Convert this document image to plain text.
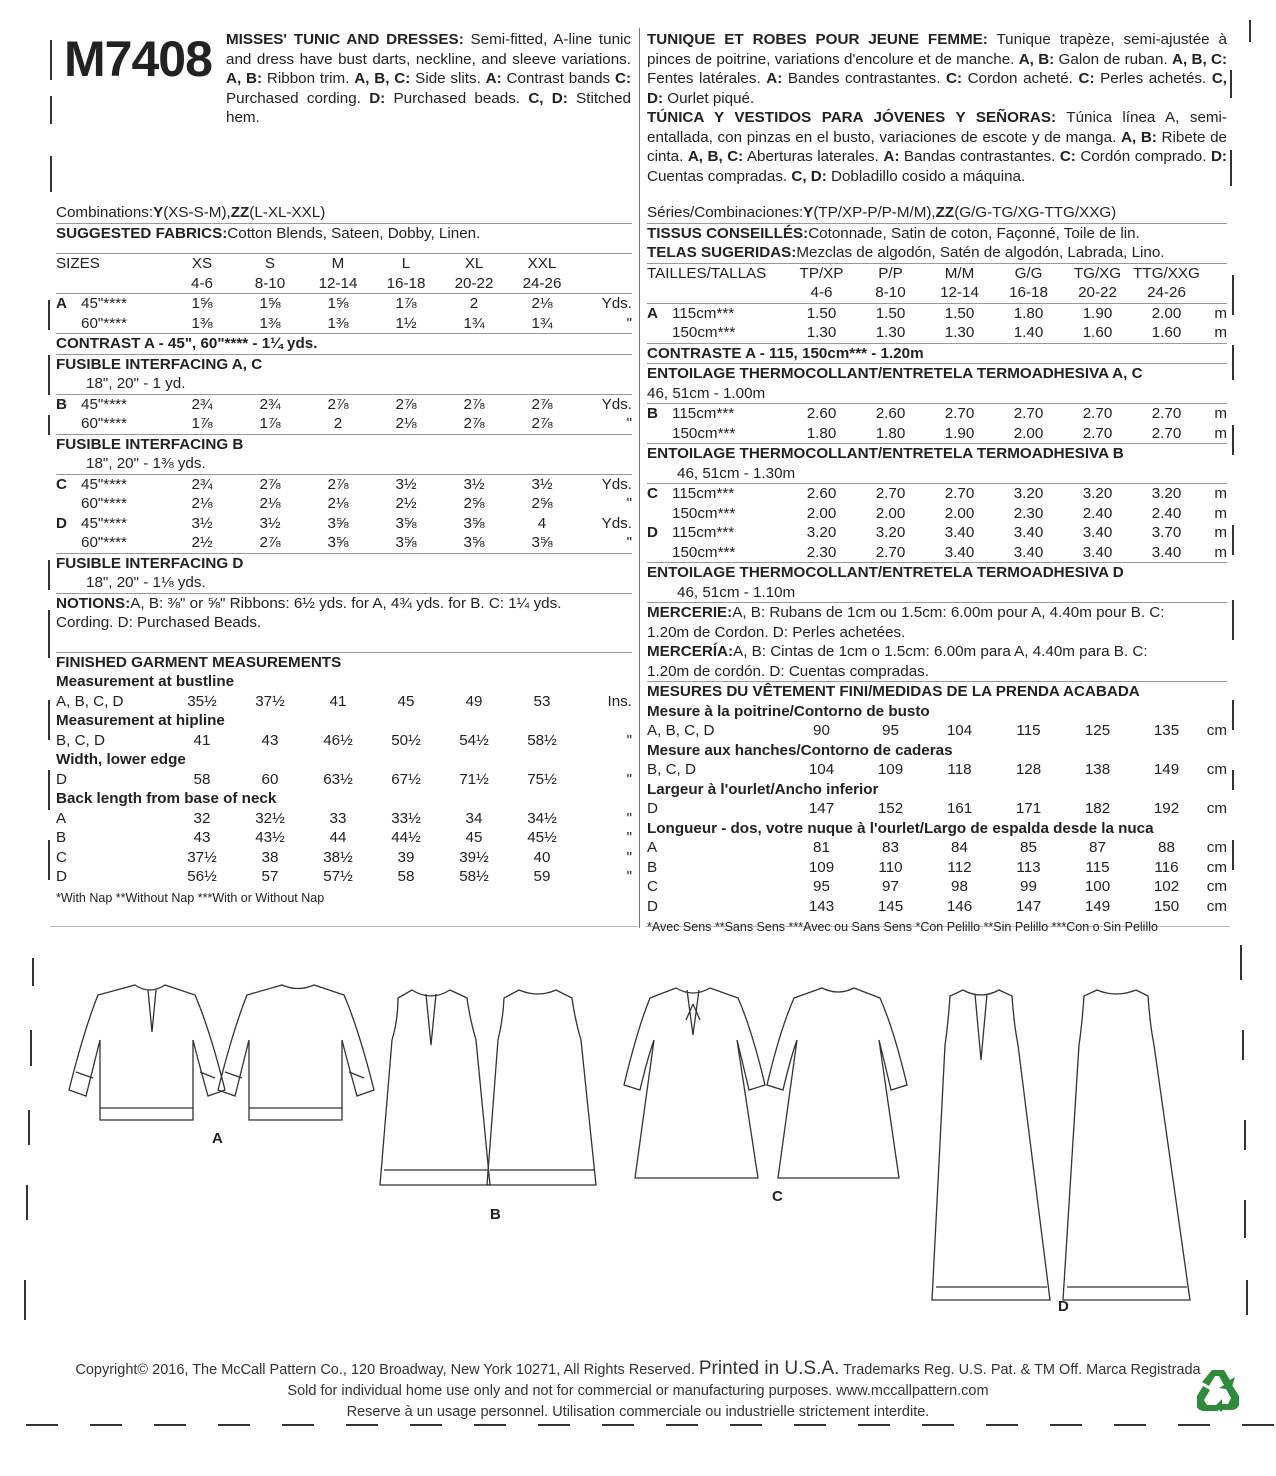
M7408 MISSES' TUNIC AND DRESSES: Semi-fitted, A-line tunic and dress have bust darts, neckline, and sleeve variations. A, B: Ribbon trim. A, B, C: Side slits. A: Contrast bands C: Purchased cording. D: Purchased beads. C, D: Stitched hem.
Combinations: Y (XS-S-M), ZZ (L-XL-XXL)
SUGGESTED FABRICS: Cotton Blends, Sateen, Dobby, Linen.
SIZES	XS	S	M	L	XL	XXL
4-6	8-10	12-14	16-18	20-22	24-26
A 45"****	1⅝	1⅝	1⅝	1⅞	2	2⅛	Yds.
60"****	1⅜	1⅜	1⅜	1½	1¾	1¾	"
CONTRAST A - 45", 60"**** - 1¼ yds.
FUSIBLE INTERFACING A, C
18", 20" - 1 yd.
B 45"****	2¾	2¾	2⅞	2⅞	2⅞	2⅞	Yds.
60"****	1⅞	1⅞	2	2⅛	2⅞	2⅞	"
FUSIBLE INTERFACING B
18", 20" - 1⅜ yds.
C 45"****	2¾	2⅞	2⅞	3½	3½	3½	Yds.
60"****	2⅛	2⅛	2⅛	2½	2⅝	2⅝	"
D 45"****	3½	3½	3⅝	3⅝	3⅝	4	Yds.
60"****	2½	2⅞	3⅝	3⅝	3⅝	3⅝	"
FUSIBLE INTERFACING D
18", 20" - 1⅛ yds.
NOTIONS: A, B: ⅜" or ⅝" Ribbons: 6½ yds. for A, 4¾ yds. for B. C: 1¼ yds.
Cording. D: Purchased Beads.
FINISHED GARMENT MEASUREMENTS
Measurement at bustline
A, B, C, D	35½	37½	41	45	49	53	Ins.
Measurement at hipline
B, C, D	41	43	46½	50½	54½	58½	"
Width, lower edge
D	58	60	63½	67½	71½	75½	"
Back length from base of neck
A	32	32½	33	33½	34	34½	"
B	43	43½	44	44½	45	45½	"
C	37½	38	38½	39	39½	40	"
D	56½	57	57½	58	58½	59	"
*With Nap **Without Nap ***With or Without Nap
TUNIQUE ET ROBES POUR JEUNE FEMME: Tunique trapèze, semi-ajustée à pinces de poitrine, variations d'encolure et de manche. A, B: Galon de ruban. A, B, C: Fentes latérales. A: Bandes contrastantes. C: Cordon acheté. C: Perles achetés. C, D: Ourlet piqué.
TÚNICA Y VESTIDOS PARA JÓVENES Y SEÑORAS: Túnica línea A, semi-entallada, con pinzas en el busto, variaciones de escote y de manga. A, B: Ribete de cinta. A, B, C: Aberturas laterales. A: Bandas contrastantes. C: Cordón comprado. D: Cuentas compradas. C, D: Dobladillo cosido a máquina.
Séries/Combinaciones: Y (TP/XP-P/P-M/M), ZZ (G/G-TG/XG-TTG/XXG)
TISSUS CONSEILLÉS: Cotonnade, Satin de coton, Façonné, Toile de lin.
TELAS SUGERIDAS: Mezclas de algodón, Satén de algodón, Labrada, Lino.
TAILLES/TALLAS	TP/XP	P/P	M/M	G/G	TG/XG TTG/XXG
4-6	8-10	12-14	16-18	20-22	24-26
A 115cm***	1.50	1.50	1.50	1.80	1.90	2.00	m
150cm***	1.30	1.30	1.30	1.40	1.60	1.60	m
CONTRASTE A - 115, 150cm*** - 1.20m
ENTOILAGE THERMOCOLLANT/ENTRETELA TERMOADHESIVA A, C
46, 51cm - 1.00m
B 115cm***	2.60	2.60	2.70	2.70	2.70	2.70	m
150cm***	1.80	1.80	1.90	2.00	2.70	2.70	m
ENTOILAGE THERMOCOLLANT/ENTRETELA TERMOADHESIVA B
46, 51cm - 1.30m
C 115cm***	2.60	2.70	2.70	3.20	3.20	3.20	m
150cm***	2.00	2.00	2.00	2.30	2.40	2.40	m
D 115cm***	3.20	3.20	3.40	3.40	3.40	3.70	m
150cm***	2.30	2.70	3.40	3.40	3.40	3.40	m
ENTOILAGE THERMOCOLLANT/ENTRETELA TERMOADHESIVA D
46, 51cm - 1.10m
MERCERIE: A, B: Rubans de 1cm ou 1.5cm: 6.00m pour A, 4.40m pour B. C:
1.20m de Cordon. D: Perles achetées.
MERCERÍA: A, B: Cintas de 1cm o 1.5cm: 6.00m para A, 4.40m para B. C:
1.20m de cordón. D: Cuentas compradas.
MESURES DU VÊTEMENT FINI/MEDIDAS DE LA PRENDA ACABADA
Mesure à la poitrine/Contorno de busto
A, B, C, D	90	95	104	115	125	135	cm
Mesure aux hanches/Contorno de caderas
B, C, D	104	109	118	128	138	149	cm
Largeur à l'ourlet/Ancho inferior
D	147	152	161	171	182	192	cm
Longueur - dos, votre nuque à l'ourlet/Largo de espalda desde la nuca
A	81	83	84	85	87	88	cm
B	109	110	112	113	115	116	cm
C	95	97	98	99	100	102	cm
D	143	145	146	147	149	150	cm
*Avec Sens **Sans Sens ***Avec ou Sans Sens *Con Pelillo **Sin Pelillo ***Con o Sin Pelillo
A
B
C
D
Copyright© 2016, The McCall Pattern Co., 120 Broadway, New York 10271, All Rights Reserved. Printed in U.S.A. Trademarks Reg. U.S. Pat. & TM Off. Marca Registrada
Sold for individual home use only and not for commercial or manufacturing purposes. www.mccallpattern.com
Reserve à un usage personnel. Utilisation commerciale ou industrielle strictement interdite.
